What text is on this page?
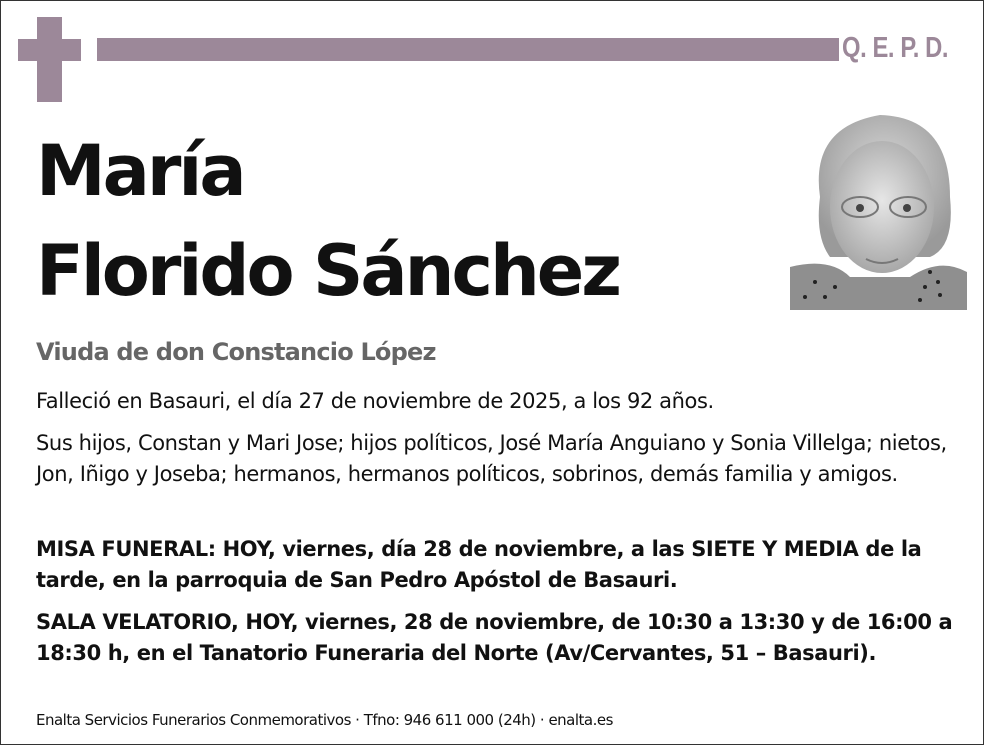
Q. E. P. D.
María
Florido Sánchez
Viuda de don Constancio López
Falleció en Basauri, el día 27 de noviembre de 2025, a los 92 años.
Sus hijos, Constan y Mari Jose; hijos políticos, José María Anguiano y Sonia Villelga; nietos, Jon, Iñigo y Joseba; hermanos, hermanos políticos, sobrinos, demás familia y amigos.
MISA FUNERAL: HOY, viernes, día 28 de noviembre, a las SIETE Y MEDIA de la tarde, en la parroquia de San Pedro Apóstol de Basauri.
SALA VELATORIO, HOY, viernes, 28 de noviembre, de 10:30 a 13:30 y de 16:00 a 18:30 h, en el Tanatorio Funeraria del Norte (Av/Cervantes, 51 – Basauri).
Enalta Servicios Funerarios Conmemorativos · Tfno: 946 611 000 (24h) · enalta.es
